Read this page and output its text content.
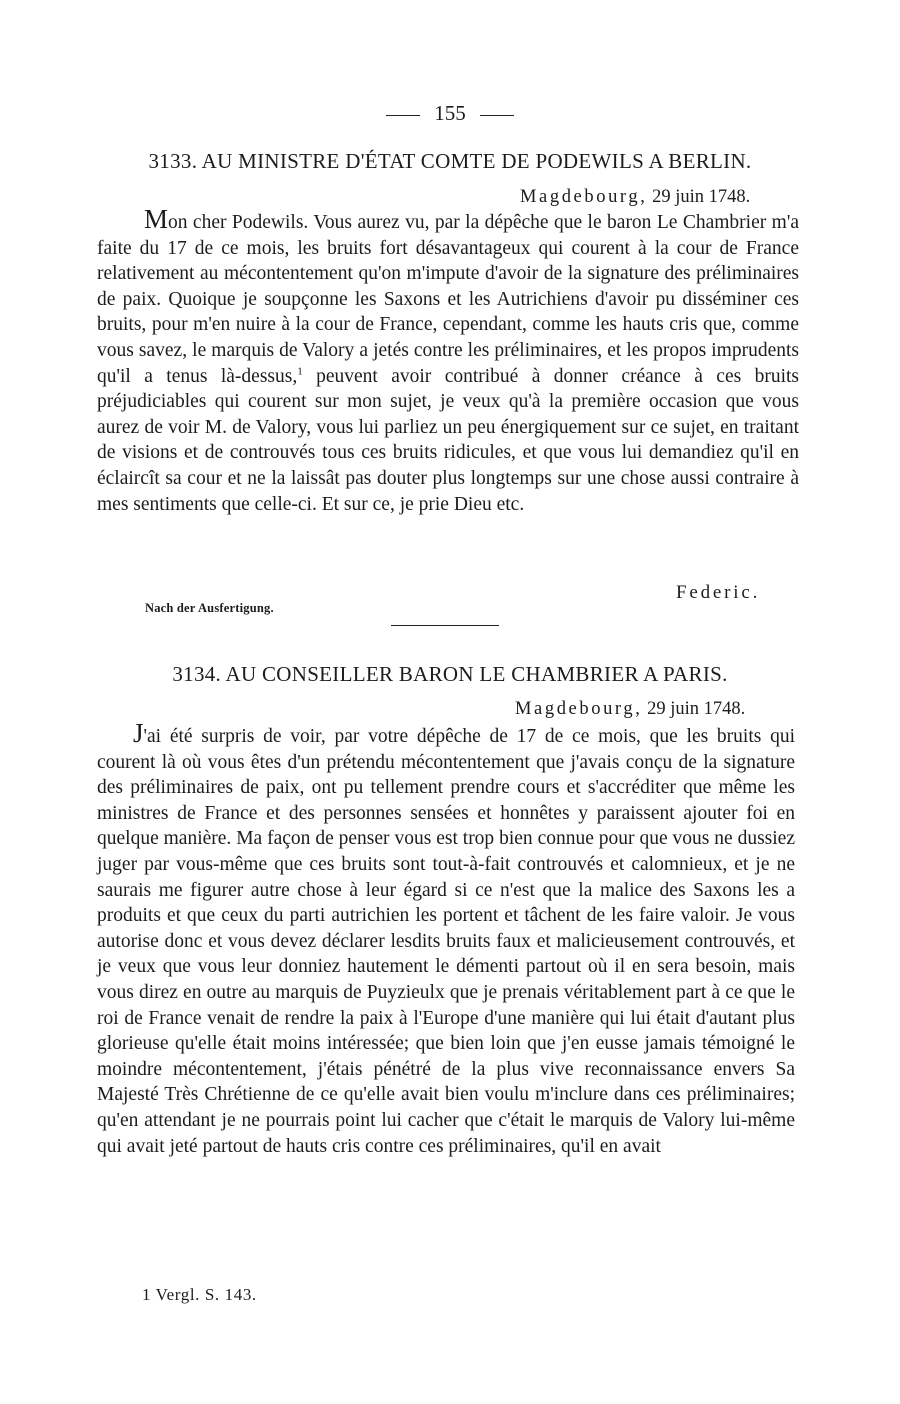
155
3133. AU MINISTRE D'ÉTAT COMTE DE PODEWILS A BERLIN.
Magdebourg, 29 juin 1748.

Mon cher Podewils. Vous aurez vu, par la dépêche que le baron Le Chambrier m'a faite du 17 de ce mois, les bruits fort désavantageux qui courent à la cour de France relativement au mécontentement qu'on m'impute d'avoir de la signature des préliminaires de paix. Quoique je soupçonne les Saxons et les Autrichiens d'avoir pu disséminer ces bruits, pour m'en nuire à la cour de France, cependant, comme les hauts cris que, comme vous savez, le marquis de Valory a jetés contre les préliminaires, et les propos imprudents qu'il a tenus là-dessus,$^1$ peuvent avoir contribué à donner créance à ces bruits préjudiciables qui courent sur mon sujet, je veux qu'à la première occasion que vous aurez de voir M. de Valory, vous lui parliez un peu énergiquement sur ce sujet, en traitant de visions et de controuvés tous ces bruits ridicules, et que vous lui demandiez qu'il en éclaircît sa cour et ne la laissât pas douter plus longtemps sur une chose aussi contraire à mes sentiments que celle-ci. Et sur ce, je prie Dieu etc.

Federic.
Nach der Ausfertigung.
3134. AU CONSEILLER BARON LE CHAMBRIER A PARIS.
Magdebourg, 29 juin 1748.

J'ai été surpris de voir, par votre dépêche de 17 de ce mois, que les bruits qui courent là où vous êtes d'un prétendu mécontentement que j'avais conçu de la signature des préliminaires de paix, ont pu tellement prendre cours et s'accréditer que même les ministres de France et des personnes sensées et honnêtes y paraissent ajouter foi en quelque manière. Ma façon de penser vous est trop bien connue pour que vous ne dussiez juger par vous-même que ces bruits sont tout-à-fait controuvés et calomnieux, et je ne saurais me figurer autre chose à leur égard si ce n'est que la malice des Saxons les a produits et que ceux du parti autrichien les portent et tâchent de les faire valoir. Je vous autorise donc et vous devez déclarer lesdits bruits faux et malicieusement controuvés, et je veux que vous leur donniez hautement le démenti partout où il en sera besoin, mais vous direz en outre au marquis de Puyzieulx que je prenais véritablement part à ce que le roi de France venait de rendre la paix à l'Europe d'une manière qui lui était d'autant plus glorieuse qu'elle était moins intéressée; que bien loin que j'en eusse jamais témoigné le moindre mécontentement, j'étais pénétré de la plus vive reconnaissance envers Sa Majesté Très Chrétienne de ce qu'elle avait bien voulu m'inclure dans ces préliminaires; qu'en attendant je ne pourrais point lui cacher que c'était le marquis de Valory lui-même qui avait jeté partout de hauts cris contre ces préliminaires, qu'il en avait

1 Vergl. S. 143.
